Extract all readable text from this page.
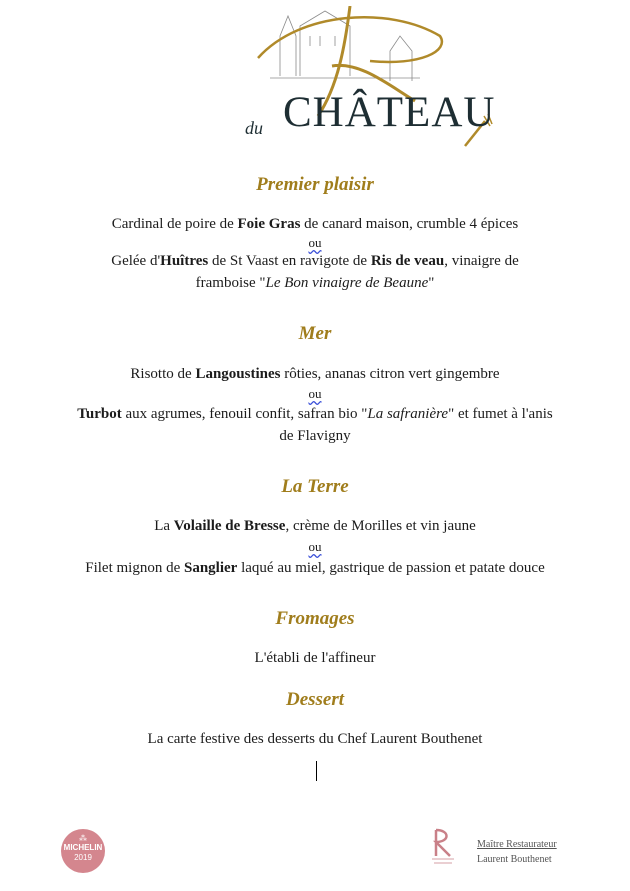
du CHÂTEAU
Premier plaisir
Cardinal de poire de Foie Gras de canard maison, crumble 4 épices
ou
Gelée d'Huîtres de St Vaast en ravigote de Ris de veau, vinaigre de
framboise "Le Bon vinaigre de Beaune"
Mer
Risotto de Langoustines rôties, ananas citron vert gingembre
ou
Turbot aux agrumes, fenouil confit, safran bio "La safranière" et fumet à l'anis
de Flavigny
La Terre
La Volaille de Bresse, crème de Morilles et vin jaune
ou
Filet mignon de Sanglier laqué au miel, gastrique de passion et patate douce
Fromages
L'établi de l'affineur
Dessert
La carte festive des desserts du Chef Laurent Bouthenet
⁂
MICHELIN
2019
Maître Restaurateur
Laurent Bouthenet
